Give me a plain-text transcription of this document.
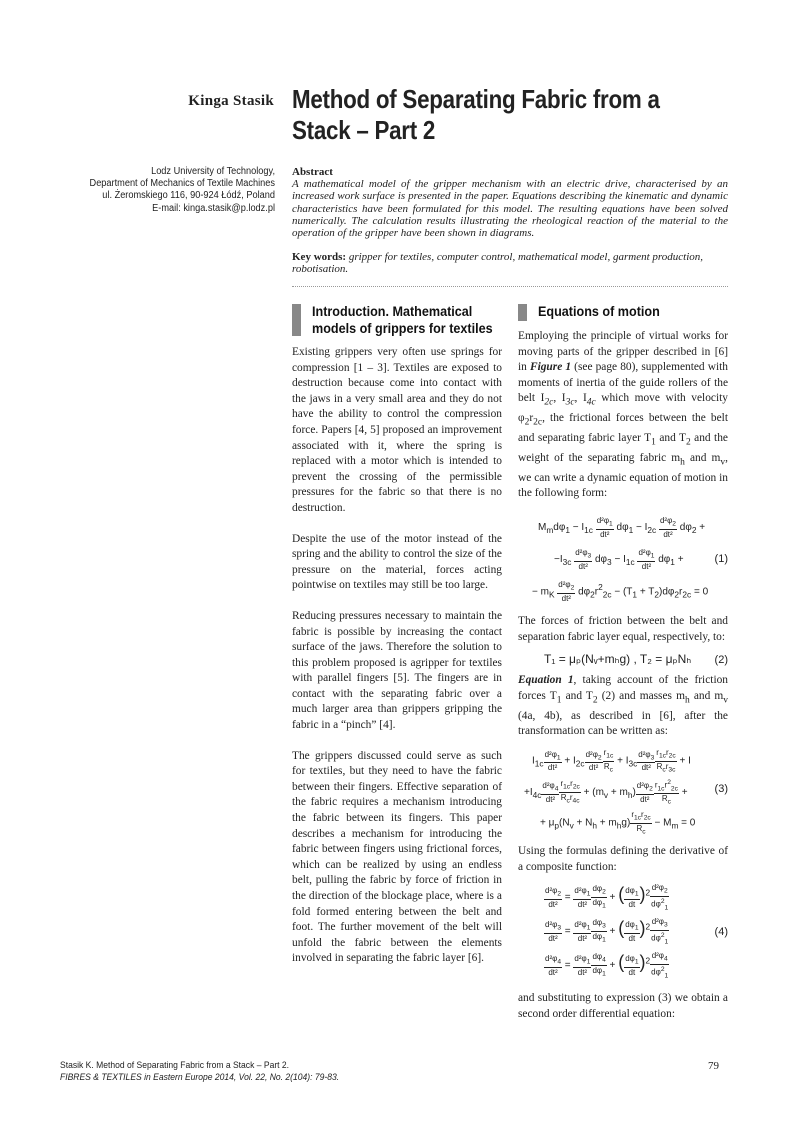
Kinga Stasik Method of Separating Fabric from a Stack – Part 2
Lodz University of Technology,
Department of Mechanics of Textile Machines
ul. Żeromskiego 116, 90-924 Łódź, Poland
E-mail: kinga.stasik@p.lodz.pl
Abstract
A mathematical model of the gripper mechanism with an electric drive, characterised by an increased work surface is presented in the paper. Equations describing the kinematic and dynamic characteristics have been formulated for this model. The resulting equations have been solved numerically. The calculation results illustrating the rheological reaction of the material to the operation of the gripper have been shown in diagrams.
Key words: gripper for textiles, computer control, mathematical model, garment production, robotisation.
Introduction. Mathematical models of grippers for textiles

Existing grippers very often use springs for compression [1 – 3]. Textiles are exposed to destruction because come into contact with the jaws in a very small area and they do not have the ability to control the compression force. Papers [4, 5] proposed an improvement associated with it, where the spring is replaced with a motor which is intended to prevent the crossing of the permissible pressures for the fabric so that there is no destruction.

Despite the use of the motor instead of the spring and the ability to control the size of the pressure on the material, forces acting pointwise on textiles may still be too large.

Reducing pressures necessary to maintain the fabric is possible by increasing the contact surface of the jaws. Therefore the solution to this problem proposed is agripper for textiles with parallel fingers [5]. The fingers are in contact with the separating fabric over a much larger area than grippers gripping the fabric in a “pinch” [4].

The grippers discussed could serve as such for textiles, but they need to have the fabric between their fingers. Effective separation of the fabric requires a mechanism introducing the fabric between its fingers. This paper describes a mechanism for introducing the fabric between fingers using frictional forces, which can be realized by using an endless belt, pulling the fabric by force of friction in the direction of the blockage place, where is a fold formed entering between the belt and foot. The further movement of the belt will unfold the fabric between the elements involved in separating the fabric layer [6].

Equations of motion

Employing the principle of virtual works for moving parts of the gripper described in [6] in Figure 1 (see page 80), supplemented with moments of inertia of the guide rollers of the belt $I_{2c}$, $I_{3c}$, $I_{4c}$ which move with velocity $\varphi_2r_{2c}$, the frictional forces between the belt and separating fabric layer $T_1$ and $T_2$ and the weight of the separating fabric $m_h$ and $m_v$, we can write a dynamic equation of motion in the following form:

$M_md\varphi_1 - I_{1c} \frac{d^2\varphi_1}{\text{dt²}} d\varphi_1 - I_{2c} \frac{d^2\varphi_2}{\text{dt²}} d\varphi_2$ +
$-I_{3c} \frac{d^2\varphi_3}{\text{dt²}} d\varphi_3 - I_{1c} \frac{d^2\varphi_1}{\text{dt²}} d\varphi_1$ +	(1)
− $m_K \frac{d^2\varphi_2}{\text{dt²}} d\varphi_2r^2_{2c} - (T_1 + T_2)d\varphi_2r_{2c} = 0$

The forces of friction between the belt and separation fabric layer equal, respectively, to:

T₁ = μₚ(Nᵥ+mₕg) , T₂ = μₚNₕ (2)

Equation 1, taking account of the friction forces $T_1$ and $T_2$ (2) and masses $m_h$ and $m_v$ (4a, 4b), as described in [6], after the transformation can be written as:

$I_{1c} \frac{d^2\varphi_1}{\text{dt²}} + I_{2c} \frac{d^2\varphi_2}{\text{dt²}} \frac{r_{1c}}{R_c} + I_{3c} \frac{d^2\varphi_3}{\text{dt²}} \frac{r_{1c}r_{2c}}{R_cr_{3c}} + I$
$+I_{4c} \frac{d^2\varphi_4}{\text{dt²}} \frac{r_{1c}r_{2c}}{R_cr_{4c}} + (m_v + m_h) \frac{d^2\varphi_2}{\text{dt²}} \frac{r_{1c}r^2_{2c}}{R_c} + (3)$
+ $\mu_p(N_v + N_h + m_hg) \frac{r_{1c}r_{2c}}{R_c} - M_m = 0$

Using the formulas defining the derivative of a composite function:

$\frac{d^2\varphi_2}{\text{dt²}} = \frac{d^2\varphi_1}{\text{dt²}} \frac{d\varphi_2}{d\varphi_1}$ + ( $\frac{d\varphi_1}{dt} )^2 \frac{d^2\varphi_2}{d\varphi^2_1}$
$\frac{d^2\varphi_3}{\text{dt²}} = \frac{d^2\varphi_1}{\text{dt²}} \frac{d\varphi_3}{d\varphi_1}$ + ( $\frac{d\varphi_1}{dt} )^2 \frac{d^2\varphi_3}{d\varphi^2_1}$	(4)
$\frac{d^2\varphi_4}{\text{dt²}} = \frac{d^2\varphi_1}{\text{dt²}} \frac{d\varphi_4}{d\varphi_1}$ + ( $\frac{d\varphi_1}{dt} )^2 \frac{d^2\varphi_4}{d\varphi^2_1}$

and substituting to expression (3) we obtain a second order differential equation:

Stasik K. Method of Separating Fabric from a Stack – Part 2.
FIBRES & TEXTILES in Eastern Europe 2014, Vol. 22, No. 2(104): 79-83.
79
